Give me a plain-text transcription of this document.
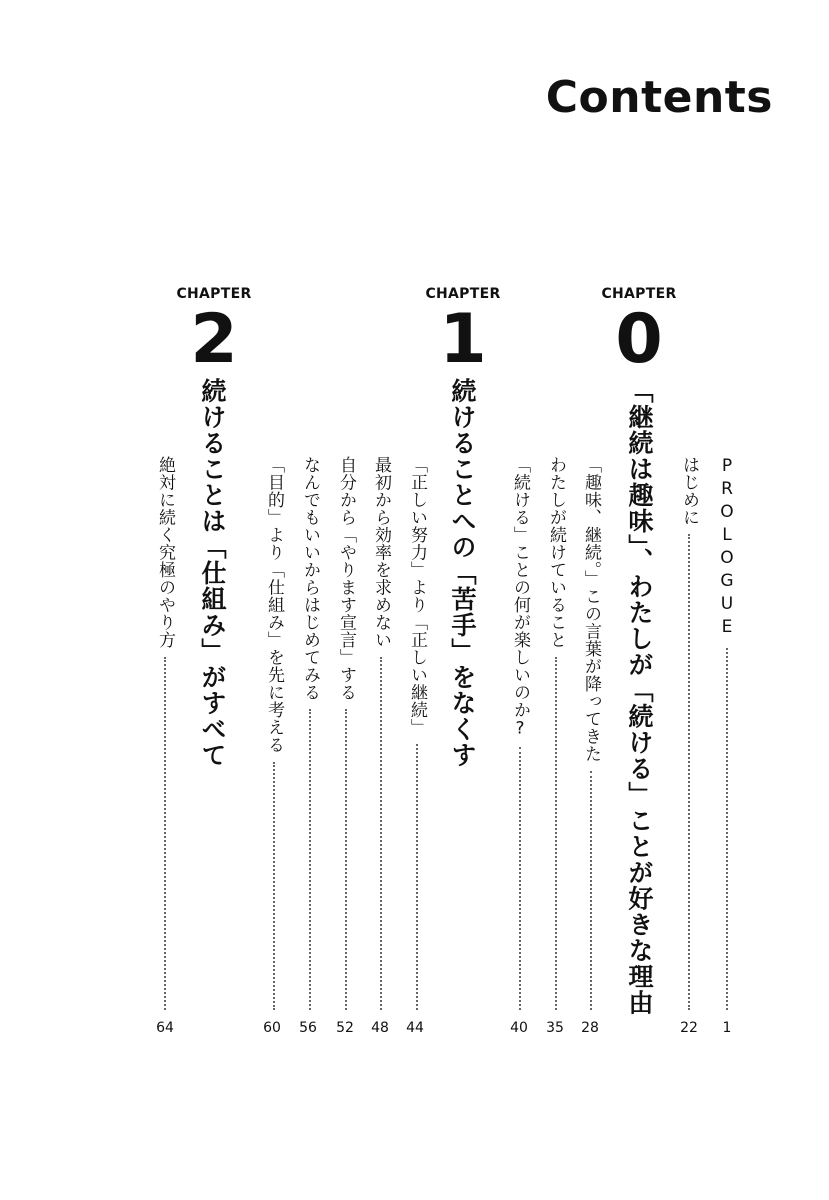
Contents
PROLOGUE
1
はじめに
22
CHAPTER
0
「継続は趣味」、わたしが「続ける」ことが好きな理由
「趣味、継続。」この言葉が降ってきた
28
わたしが続けていること
35
「続ける」ことの何が楽しいのか?
40
CHAPTER
1
続けることへの「苦手」をなくす
「正しい努力」より「正しい継続」
44
最初から効率を求めない
48
自分から「やります宣言」する
52
なんでもいいからはじめてみる
56
「目的」より「仕組み」を先に考える
60
CHAPTER
2
続けることは「仕組み」がすべて
絶対に続く究極のやり方
64
